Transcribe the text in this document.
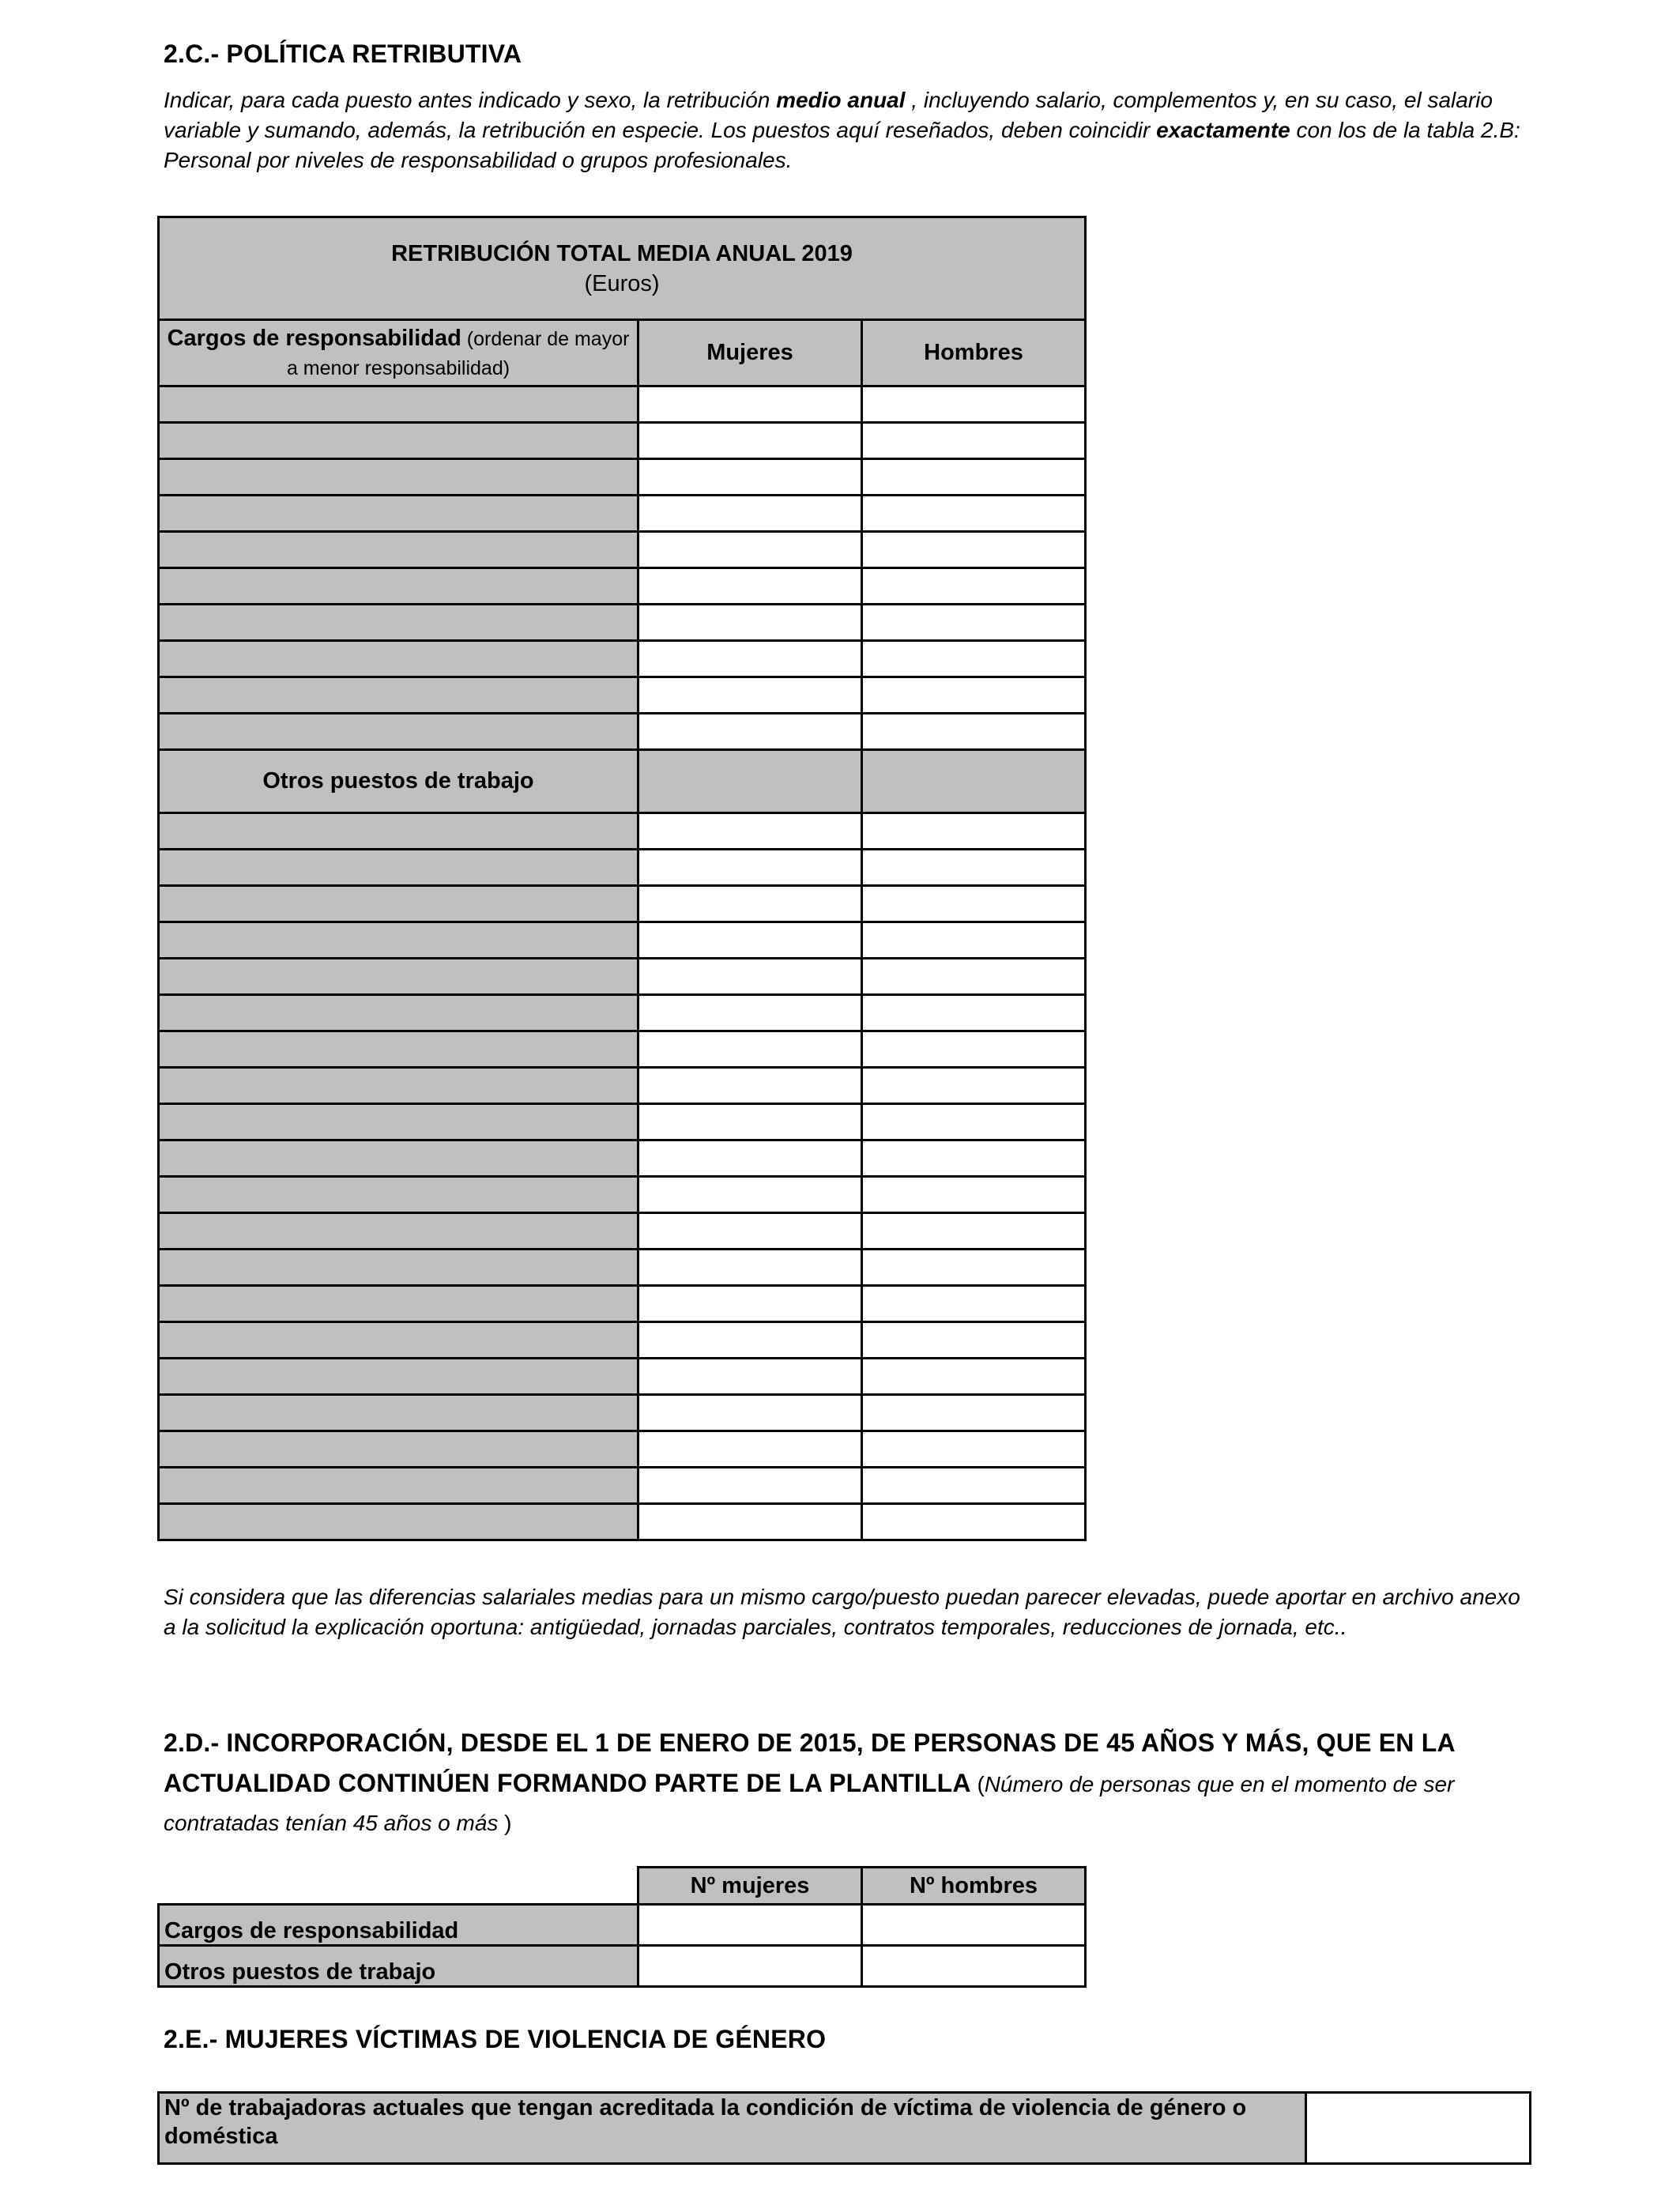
2.C.- POLÍTICA RETRIBUTIVA
Indicar, para cada puesto antes indicado y sexo, la retribución medio anual , incluyendo salario, complementos y, en su caso, el salario variable y sumando, además, la retribución en especie. Los puestos aquí reseñados, deben coincidir exactamente con los de la tabla 2.B: Personal por niveles de responsabilidad o grupos profesionales.
RETRIBUCIÓN TOTAL MEDIA ANUAL 2019
(Euros)		

Cargos de responsabilidad (ordenar de mayor a menor responsabilidad)	Mujeres	Hombres

Otros puestos de trabajo		

Si considera que las diferencias salariales medias para un mismo cargo/puesto puedan parecer elevadas, puede aportar en archivo anexo a la solicitud la explicación oportuna: antigüedad, jornadas parciales, contratos temporales, reducciones de jornada, etc..
2.D.- INCORPORACIÓN, DESDE EL 1 DE ENERO DE 2015, DE PERSONAS DE 45 AÑOS Y MÁS, QUE EN LA ACTUALIDAD CONTINÚEN FORMANDO PARTE DE LA PLANTILLA (Número de personas que en el momento de ser contratadas tenían 45 años o más )
	Nº mujeres	Nº hombres
Cargos de responsabilidad		
Otros puestos de trabajo		
2.E.- MUJERES VÍCTIMAS DE VIOLENCIA DE GÉNERO
Nº de trabajadoras actuales que tengan acreditada la condición de víctima de violencia de género o doméstica	
